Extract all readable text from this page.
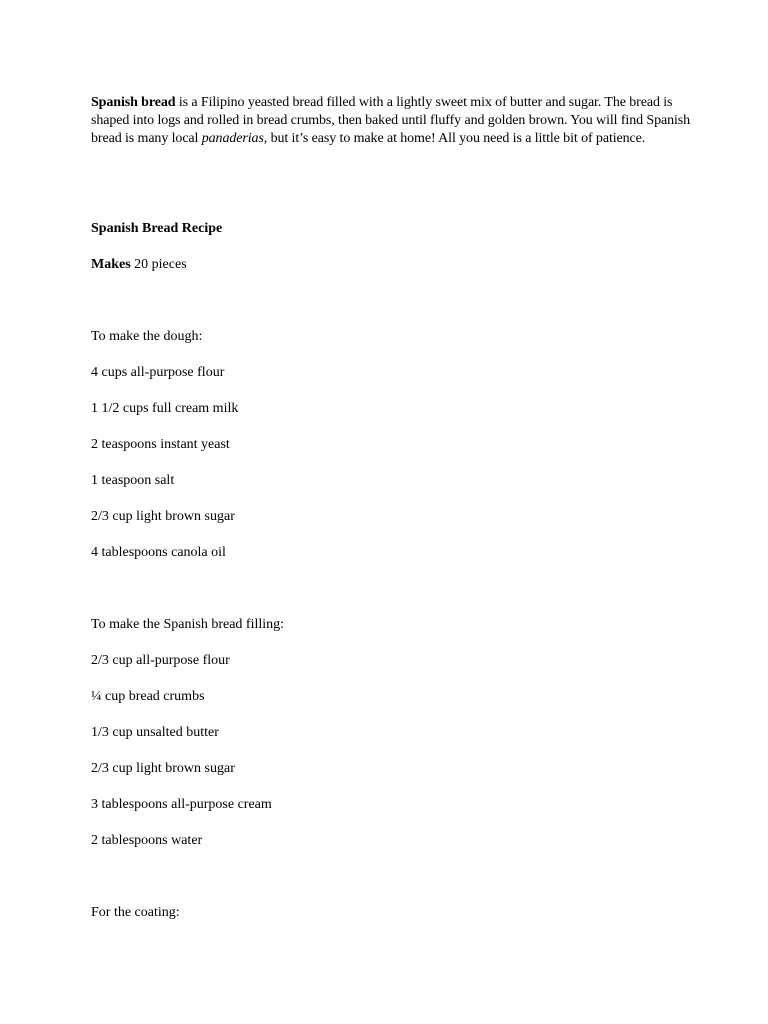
Spanish bread is a Filipino yeasted bread filled with a lightly sweet mix of butter and sugar. The bread is shaped into logs and rolled in bread crumbs, then baked until fluffy and golden brown. You will find Spanish bread is many local panaderias, but it’s easy to make at home! All you need is a little bit of patience.

Spanish Bread Recipe

Makes 20 pieces

To make the dough:

4 cups all-purpose flour

1 1/2 cups full cream milk

2 teaspoons instant yeast

1 teaspoon salt

2/3 cup light brown sugar

4 tablespoons canola oil

To make the Spanish bread filling:

2/3 cup all-purpose flour

¼ cup bread crumbs

1/3 cup unsalted butter

2/3 cup light brown sugar

3 tablespoons all-purpose cream

2 tablespoons water

For the coating:
